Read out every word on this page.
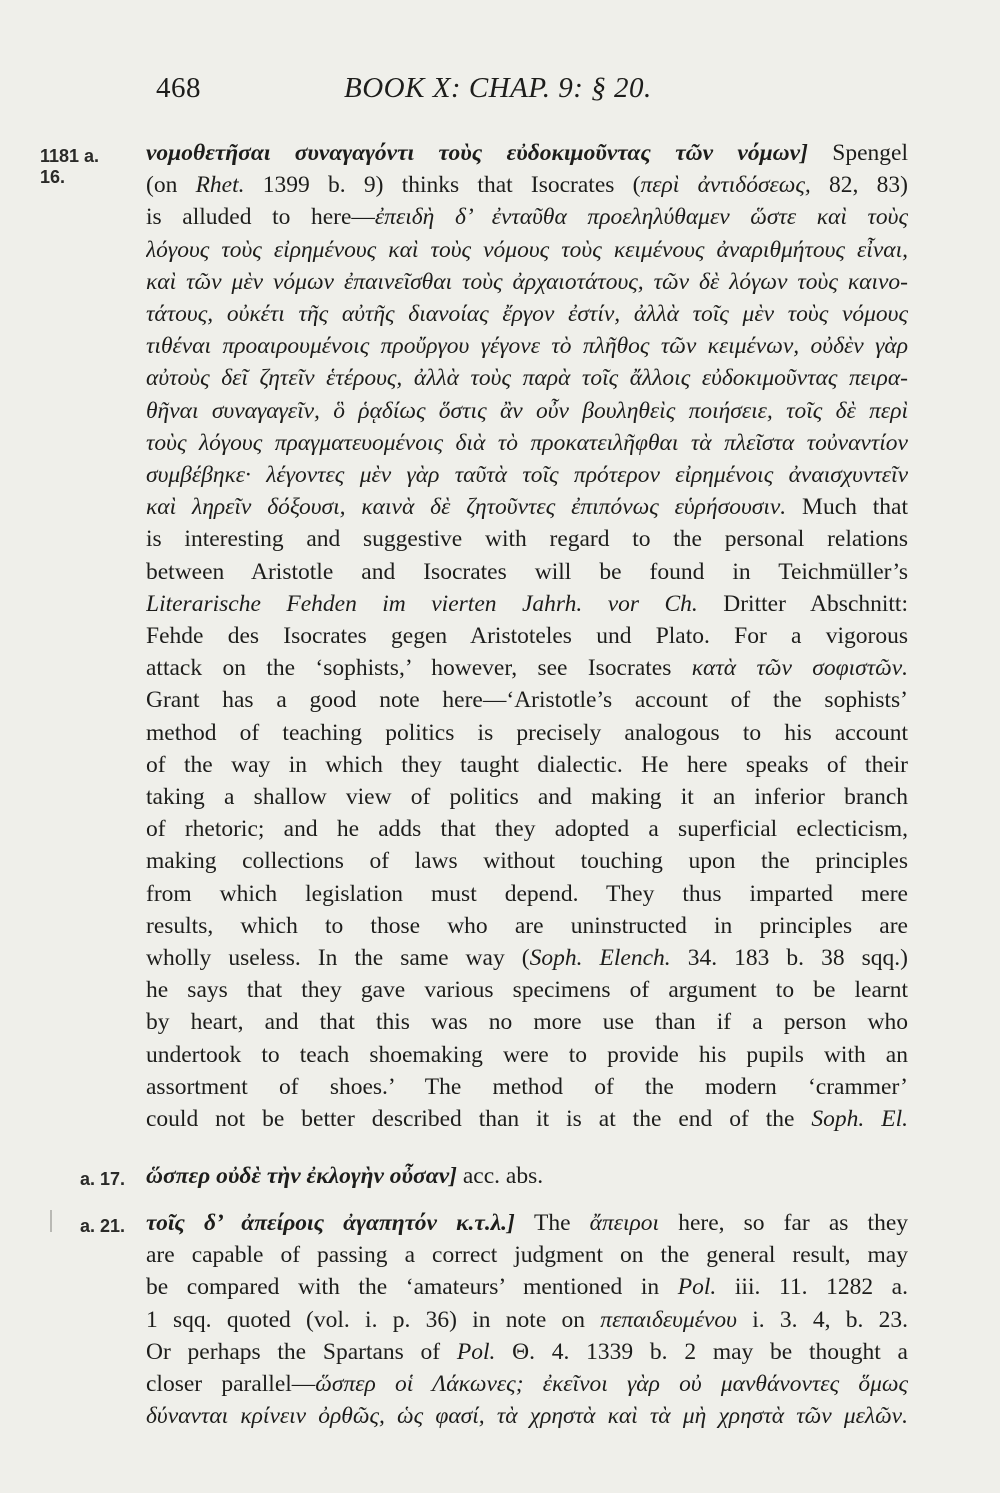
468	BOOK X: CHAP. 9: § 20.
1181 a. 16.
νομοθετῆσαι συναγαγόντι τοὺς εὐδοκιμοῦντας τῶν νόμων] Spengel
(on Rhet. 1399 b. 9) thinks that Isocrates (περὶ ἀντιδόσεως, 82, 83)
is alluded to here—ἐπειδὴ δ’ ἐνταῦθα προεληλύθαμεν ὥστε καὶ τοὺς
λόγους τοὺς εἰρημένους καὶ τοὺς νόμους τοὺς κειμένους ἀναριθμήτους εἶναι,
καὶ τῶν μὲν νόμων ἐπαινεῖσθαι τοὺς ἀρχαιοτάτους, τῶν δὲ λόγων τοὺς καινο-
τάτους, οὐκέτι τῆς αὐτῆς διανοίας ἔργον ἐστίν, ἀλλὰ τοῖς μὲν τοὺς νόμους
τιθέναι προαιρουμένοις προὔργου γέγονε τὸ πλῆθος τῶν κειμένων, οὐδὲν γὰρ
αὐτοὺς δεῖ ζητεῖν ἑτέρους, ἀλλὰ τοὺς παρὰ τοῖς ἄλλοις εὐδοκιμοῦντας πειρα-
θῆναι συναγαγεῖν, ὃ ῥᾳδίως ὅστις ἂν οὖν βουληθεὶς ποιήσειε, τοῖς δὲ περὶ
τοὺς λόγους πραγματευομένοις διὰ τὸ προκατειλῆφθαι τὰ πλεῖστα τοὐναντίον
συμβέβηκε· λέγοντες μὲν γὰρ ταῦτὰ τοῖς πρότερον εἰρημένοις ἀναισχυντεῖν
καὶ ληρεῖν δόξουσι, καινὰ δὲ ζητοῦντες ἐπιπόνως εὑρήσουσιν. Much that
is interesting and suggestive with regard to the personal relations
between Aristotle and Isocrates will be found in Teichmüller’s
Literarische Fehden im vierten Jahrh. vor Ch. Dritter Abschnitt:
Fehde des Isocrates gegen Aristoteles und Plato. For a vigorous
attack on the ‘sophists,’ however, see Isocrates κατὰ τῶν σοφιστῶν.
Grant has a good note here—‘Aristotle’s account of the sophists’
method of teaching politics is precisely analogous to his account
of the way in which they taught dialectic. He here speaks of their
taking a shallow view of politics and making it an inferior branch
of rhetoric; and he adds that they adopted a superficial eclecticism,
making collections of laws without touching upon the principles
from which legislation must depend. They thus imparted mere
results, which to those who are uninstructed in principles are
wholly useless. In the same way (Soph. Elench. 34. 183 b. 38 sqq.)
he says that they gave various specimens of argument to be learnt
by heart, and that this was no more use than if a person who
undertook to teach shoemaking were to provide his pupils with an
assortment of shoes.’ The method of the modern ‘crammer’
could not be better described than it is at the end of the Soph. El.
a. 17. ὥσπερ οὐδὲ τὴν ἐκλογὴν οὖσαν] acc. abs.
a. 21. τοῖς δ’ ἀπείροις ἀγαπητόν κ.τ.λ.] The ἄπειροι here, so far as they
are capable of passing a correct judgment on the general result, may
be compared with the ‘amateurs’ mentioned in Pol. iii. 11. 1282 a.
1 sqq. quoted (vol. i. p. 36) in note on πεπαιδευμένου i. 3. 4, b. 23.
Or perhaps the Spartans of Pol. Θ. 4. 1339 b. 2 may be thought a
closer parallel—ὥσπερ οἱ Λάκωνες; ἐκεῖνοι γὰρ οὐ μανθάνοντες ὅμως
δύνανται κρίνειν ὀρθῶς, ὡς φασί, τὰ χρηστὰ καὶ τὰ μὴ χρηστὰ τῶν μελῶν.
